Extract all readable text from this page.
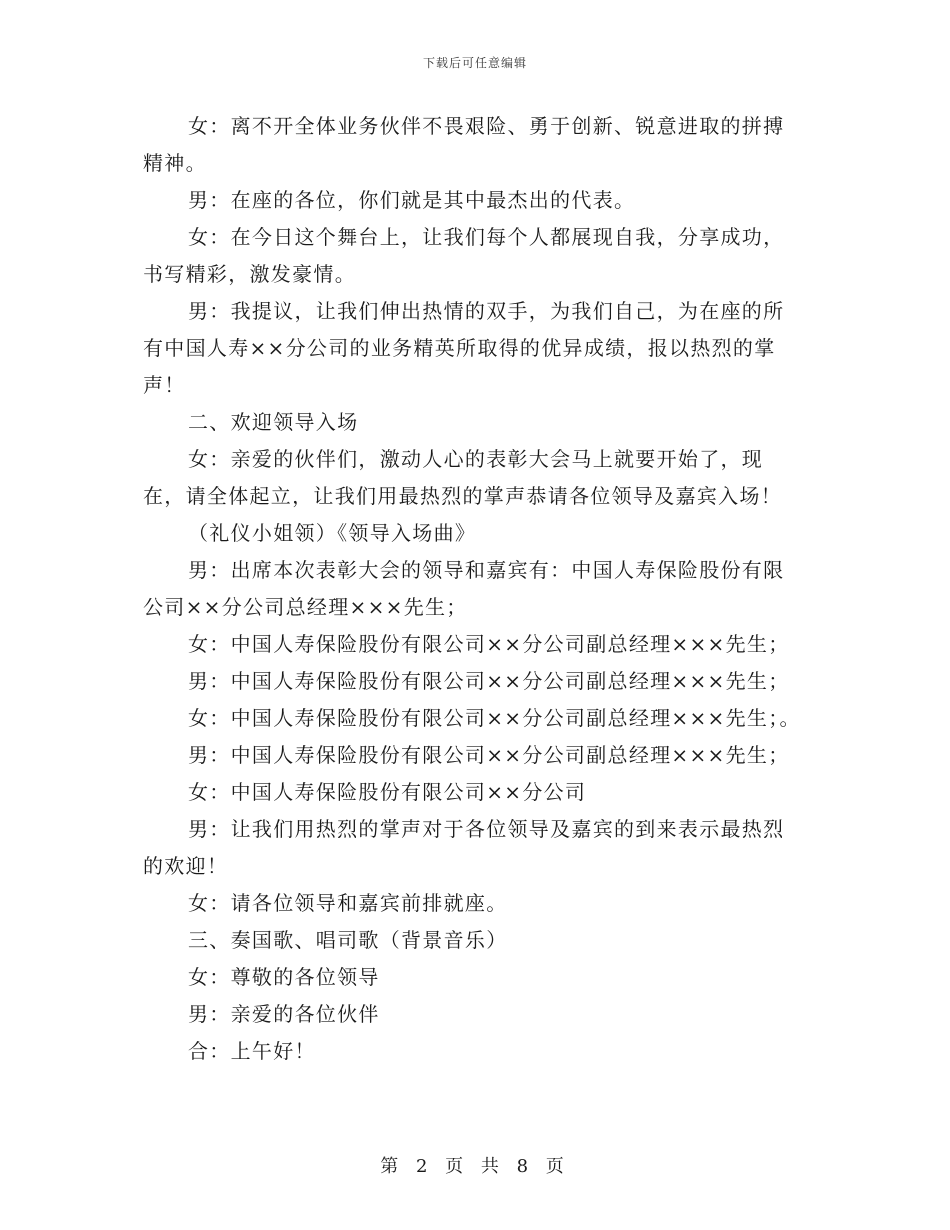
下载后可任意编辑

女：离不开全体业务伙伴不畏艰险、勇于创新、锐意进取的拼搏精神。

男：在座的各位，你们就是其中最杰出的代表。

女：在今日这个舞台上，让我们每个人都展现自我，分享成功，书写精彩，激发豪情。

男：我提议，让我们伸出热情的双手，为我们自己，为在座的所有中国人寿××分公司的业务精英所取得的优异成绩，报以热烈的掌声！

二、欢迎领导入场

女：亲爱的伙伴们，激动人心的表彰大会马上就要开始了，现在，请全体起立，让我们用最热烈的掌声恭请各位领导及嘉宾入场！

（礼仪小姐领）《领导入场曲》

男：出席本次表彰大会的领导和嘉宾有：中国人寿保险股份有限公司××分公司总经理×××先生；

女：中国人寿保险股份有限公司××分公司副总经理×××先生；

男：中国人寿保险股份有限公司××分公司副总经理×××先生；

女：中国人寿保险股份有限公司××分公司副总经理×××先生；。

男：中国人寿保险股份有限公司××分公司副总经理×××先生；

女：中国人寿保险股份有限公司××分公司

男：让我们用热烈的掌声对于各位领导及嘉宾的到来表示最热烈的欢迎！

女：请各位领导和嘉宾前排就座。

三、奏国歌、唱司歌（背景音乐）

女：尊敬的各位领导

男：亲爱的各位伙伴

合：上午好！

第 2 页 共 8 页
